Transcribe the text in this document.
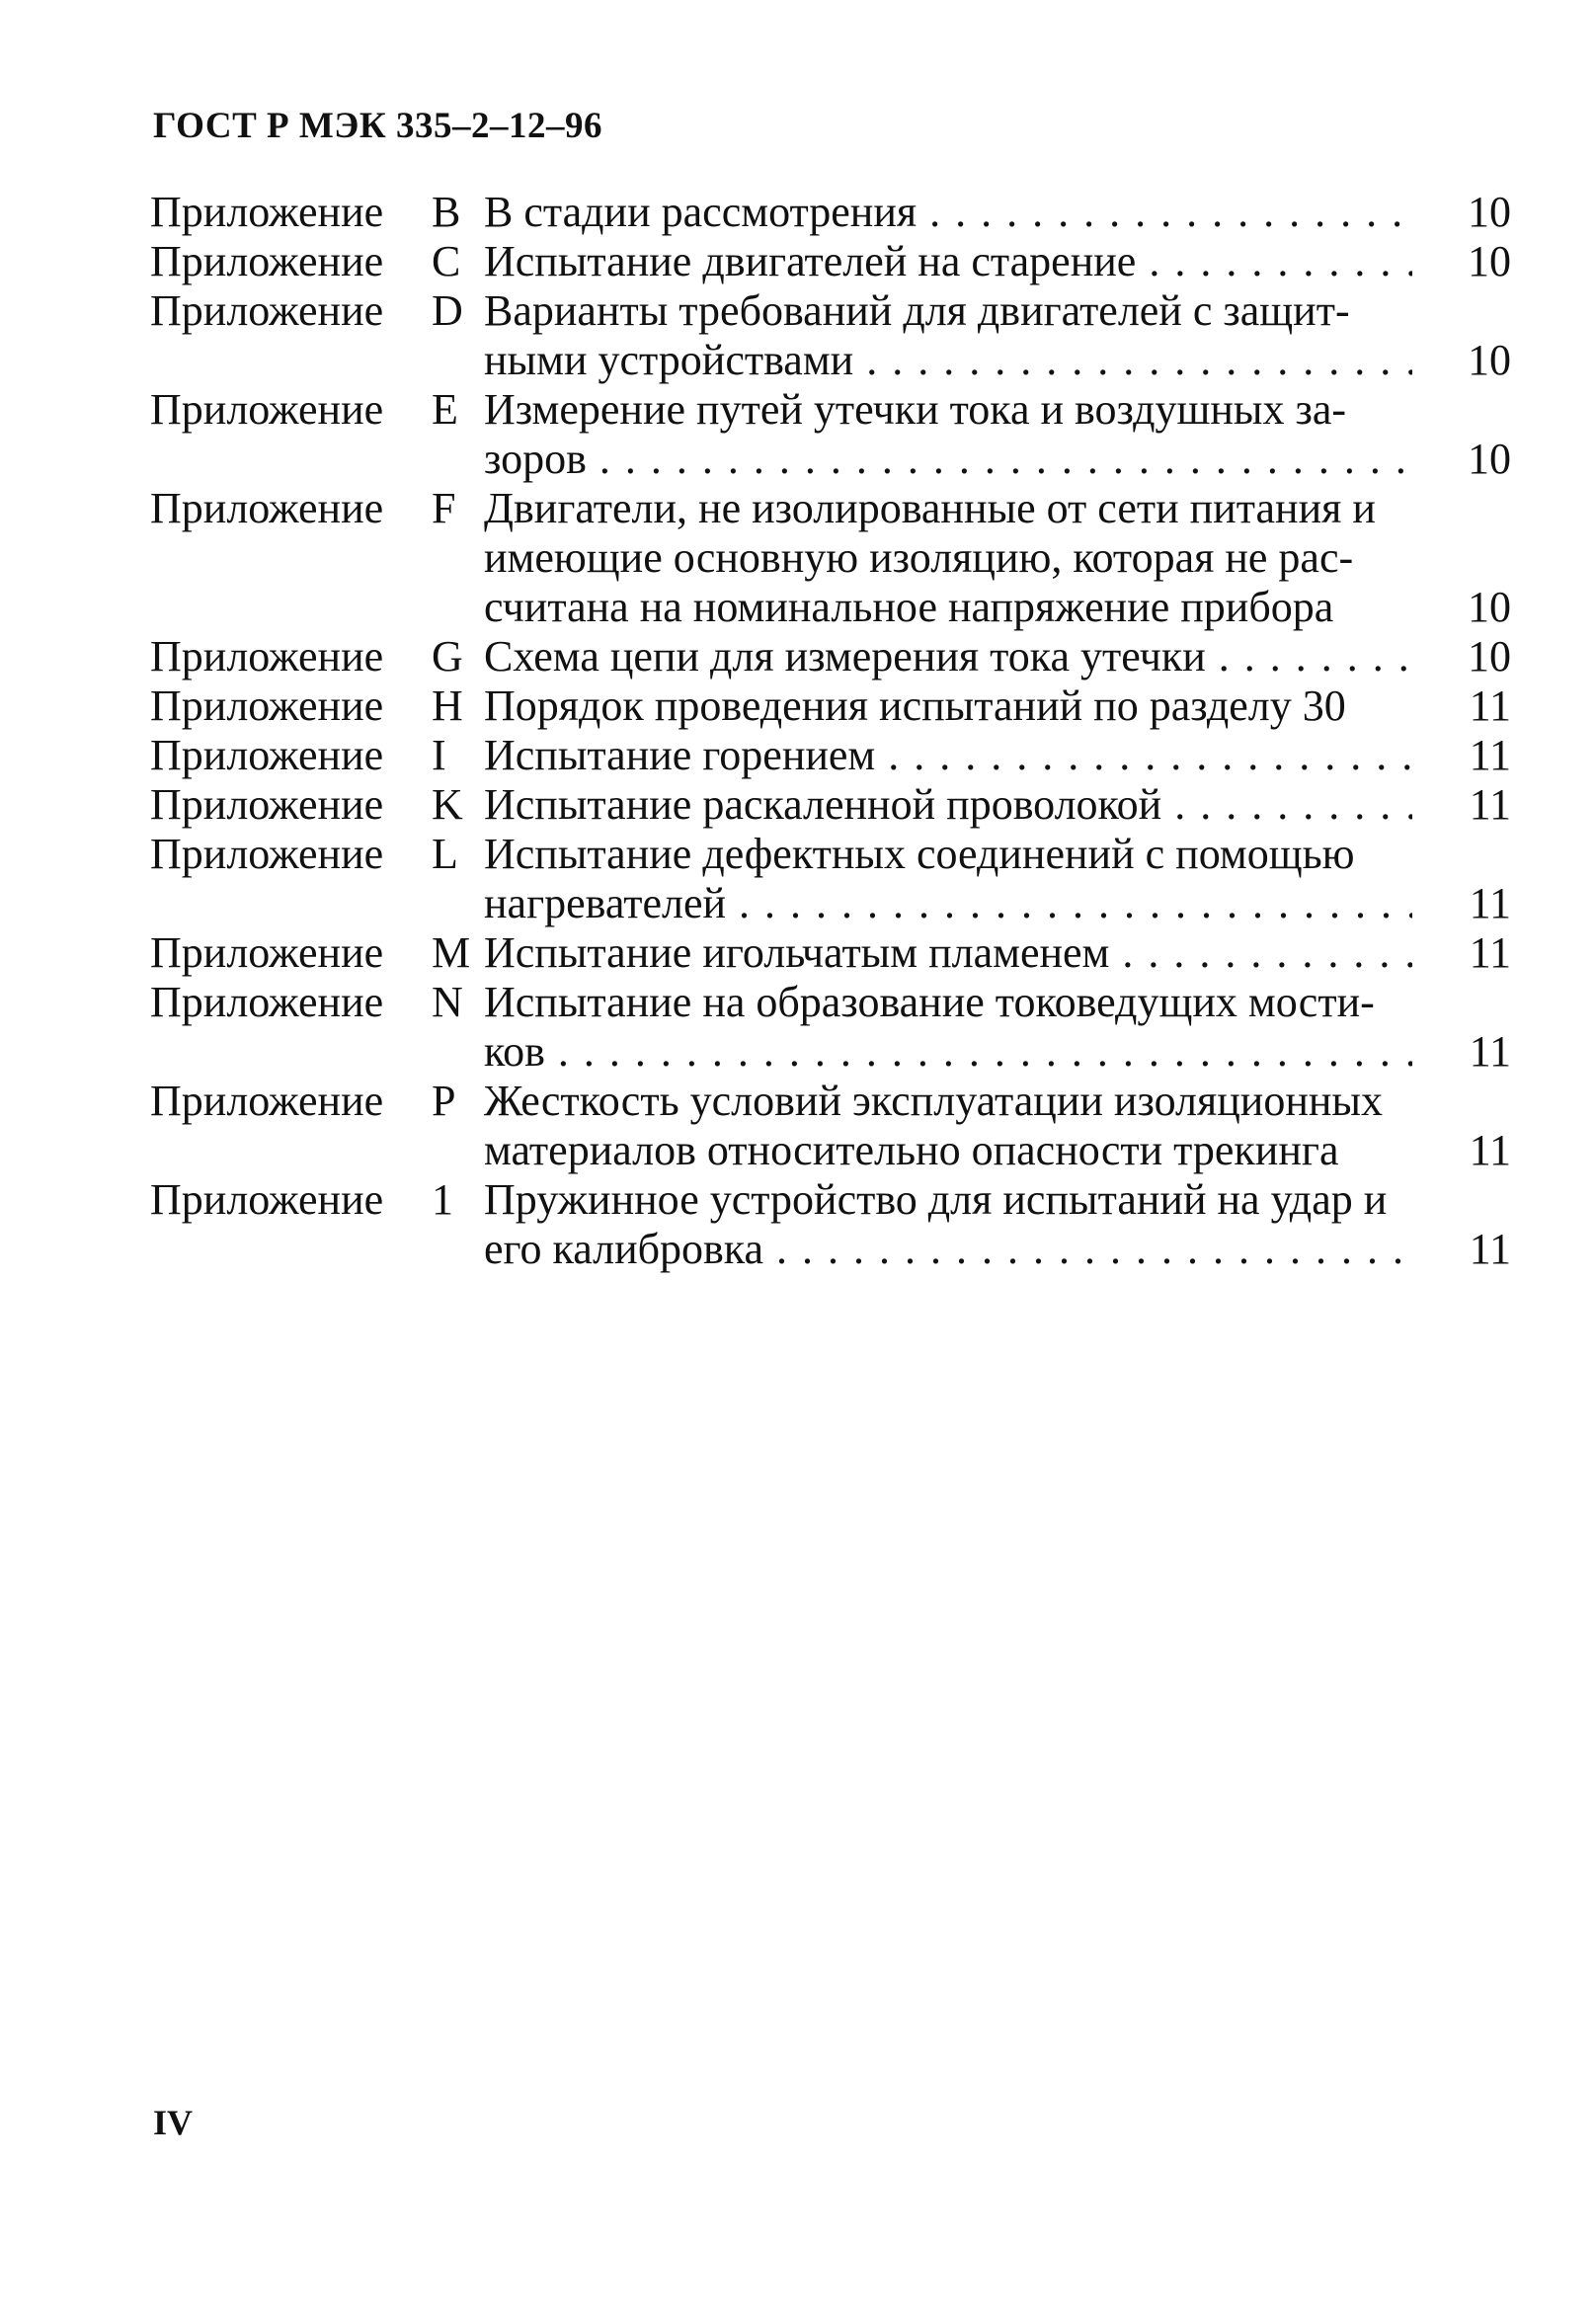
ГОСТ Р МЭК 335–2–12–96
Приложение B В стадии рассмотрения . . .	10
Приложение C Испытание двигателей на старение . . .	10
Приложение D Варианты требований для двигателей с защит-
ными устройствами . . .	10
Приложение E Измерение путей утечки тока и воздушных за-
зоров . . .	10
Приложение F Двигатели, не изолированные от сети питания и
имеющие основную изоляцию, которая не рас-
считана на номинальное напряжение прибора	10
Приложение G Схема цепи для измерения тока утечки . . .	10
Приложение H Порядок проведения испытаний по разделу 30	11
Приложение I Испытание горением . . .	11
Приложение K Испытание раскаленной проволокой . . .	11
Приложение L Испытание дефектных соединений с помощью
нагревателей . . .	11
Приложение M Испытание игольчатым пламенем . . .	11
Приложение N Испытание на образование токоведущих мости-
ков . . .	11
Приложение P Жесткость условий эксплуатации изоляционных
материалов относительно опасности трекинга	11
Приложение 1 Пружинное устройство для испытаний на удар и
его калибровка . . .	11
IV
